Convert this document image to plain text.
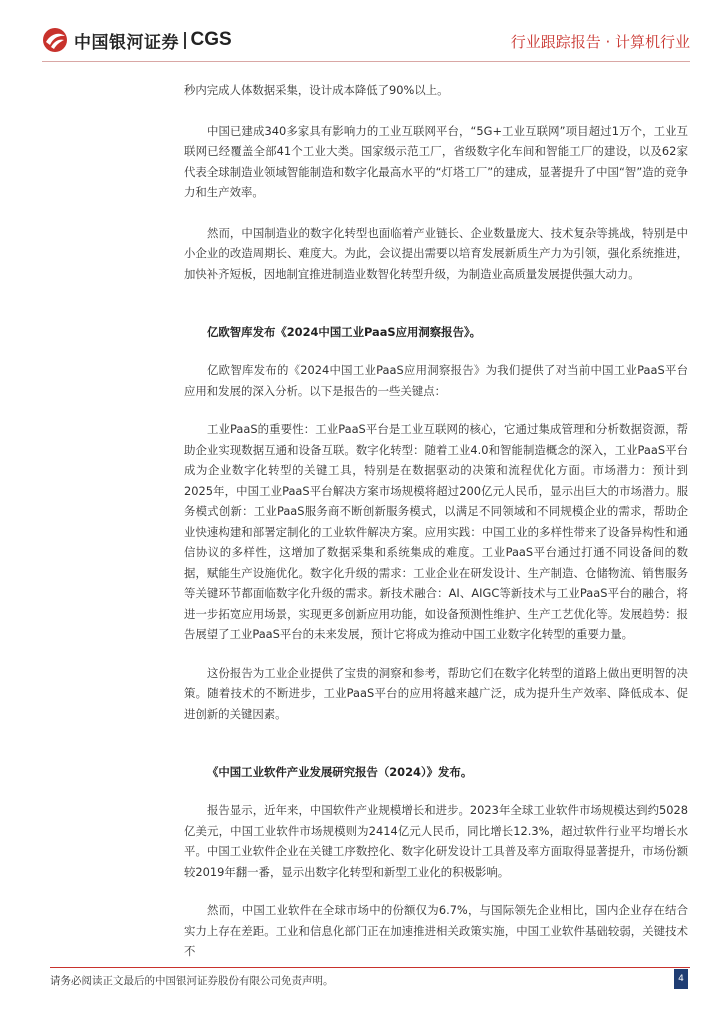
中国银河证券 CGS	行业跟踪报告 · 计算机行业

秒内完成人体数据采集，设计成本降低了90%以上。

中国已建成340多家具有影响力的工业互联网平台，“5G+工业互联网”项目超过1万个，工业互联网已经覆盖全部41个工业大类。国家级示范工厂，省级数字化车间和智能工厂的建设，以及62家代表全球制造业领域智能制造和数字化最高水平的“灯塔工厂”的建成，显著提升了中国“智”造的竞争力和生产效率。

然而，中国制造业的数字化转型也面临着产业链长、企业数量庞大、技术复杂等挑战，特别是中小企业的改造周期长、难度大。为此，会议提出需要以培育发展新质生产力为引领，强化系统推进，加快补齐短板，因地制宜推进制造业数智化转型升级，为制造业高质量发展提供强大动力。

亿欧智库发布《2024中国工业PaaS应用洞察报告》。

亿欧智库发布的《2024中国工业PaaS应用洞察报告》为我们提供了对当前中国工业PaaS平台应用和发展的深入分析。以下是报告的一些关键点：

工业PaaS的重要性：工业PaaS平台是工业互联网的核心，它通过集成管理和分析数据资源，帮助企业实现数据互通和设备互联。数字化转型：随着工业4.0和智能制造概念的深入，工业PaaS平台成为企业数字化转型的关键工具，特别是在数据驱动的决策和流程优化方面。市场潜力：预计到2025年，中国工业PaaS平台解决方案市场规模将超过200亿元人民币，显示出巨大的市场潜力。服务模式创新：工业PaaS服务商不断创新服务模式，以满足不同领域和不同规模企业的需求，帮助企业快速构建和部署定制化的工业软件解决方案。应用实践：中国工业的多样性带来了设备异构性和通信协议的多样性，这增加了数据采集和系统集成的难度。工业PaaS平台通过打通不同设备间的数据，赋能生产设施优化。数字化升级的需求：工业企业在研发设计、生产制造、仓储物流、销售服务等关键环节都面临数字化升级的需求。新技术融合：AI、AIGC等新技术与工业PaaS平台的融合，将进一步拓宽应用场景，实现更多创新应用功能，如设备预测性维护、生产工艺优化等。发展趋势：报告展望了工业PaaS平台的未来发展，预计它将成为推动中国工业数字化转型的重要力量。

这份报告为工业企业提供了宝贵的洞察和参考，帮助它们在数字化转型的道路上做出更明智的决策。随着技术的不断进步，工业PaaS平台的应用将越来越广泛，成为提升生产效率、降低成本、促进创新的关键因素。

《中国工业软件产业发展研究报告（2024）》发布。

报告显示，近年来，中国软件产业规模增长和进步。2023年全球工业软件市场规模达到约5028亿美元，中国工业软件市场规模则为2414亿元人民币，同比增长12.3%，超过软件行业平均增长水平。中国工业软件企业在关键工序数控化、数字化研发设计工具普及率方面取得显著提升，市场份额较2019年翻一番，显示出数字化转型和新型工业化的积极影响。

然而，中国工业软件在全球市场中的份额仅为6.7%，与国际领先企业相比，国内企业存在结合实力上存在差距。工业和信息化部门正在加速推进相关政策实施，中国工业软件基础较弱，关键技术不

请务必阅读正文最后的中国银河证券股份有限公司免责声明。	4
